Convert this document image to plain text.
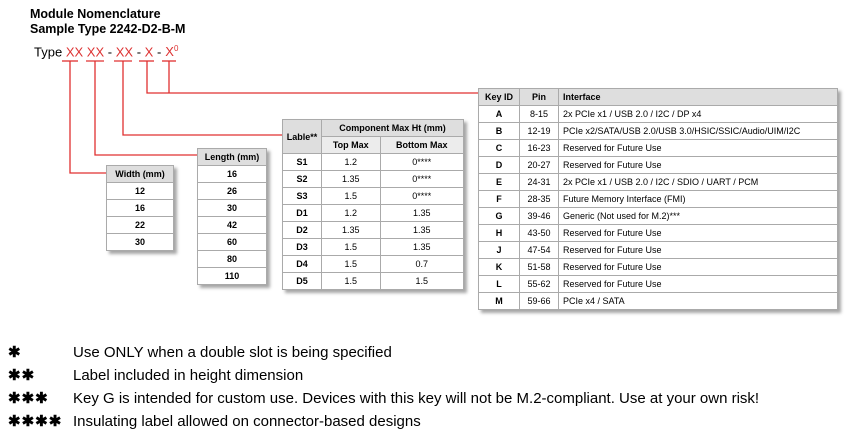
Module Nomenclature
Sample Type 2242-D2-B-M
Type XX XX - XX - X - $X^0$
Width (mm)
12
16
22
30
Length (mm)
16
26
30
42
60
80
110
Lable**	Component Max Ht (mm)	
	Top Max	Bottom Max
S1	1.2	0****
S2	1.35	0****
S3	1.5	0****
D1	1.2	1.35
D2	1.35	1.35
D3	1.5	1.35
D4	1.5	0.7
D5	1.5	1.5
Key ID	Pin	Interface
A	8-15	2x PCIe x1 / USB 2.0 / I2C / DP x4
B	12-19	PCIe x2/SATA/USB 2.0/USB 3.0/HSIC/SSIC/Audio/UIM/I2C
C	16-23	Reserved for Future Use
D	20-27	Reserved for Future Use
E	24-31	2x PCIe x1 / USB 2.0 / I2C / SDIO / UART / PCM
F	28-35	Future Memory Interface (FMI)
G	39-46	Generic (Not used for M.2)***
H	43-50	Reserved for Future Use
J	47-54	Reserved for Future Use
K	51-58	Reserved for Future Use
L	55-62	Reserved for Future Use
M	59-66	PCIe x4 / SATA
✱	Use ONLY when a double slot is being specified
✱✱	Label included in height dimension
✱✱✱ Key G is intended for custom use. Devices with this key will not be M.2-compliant. Use at your own risk!
✱✱✱✱ Insulating label allowed on connector-based designs
